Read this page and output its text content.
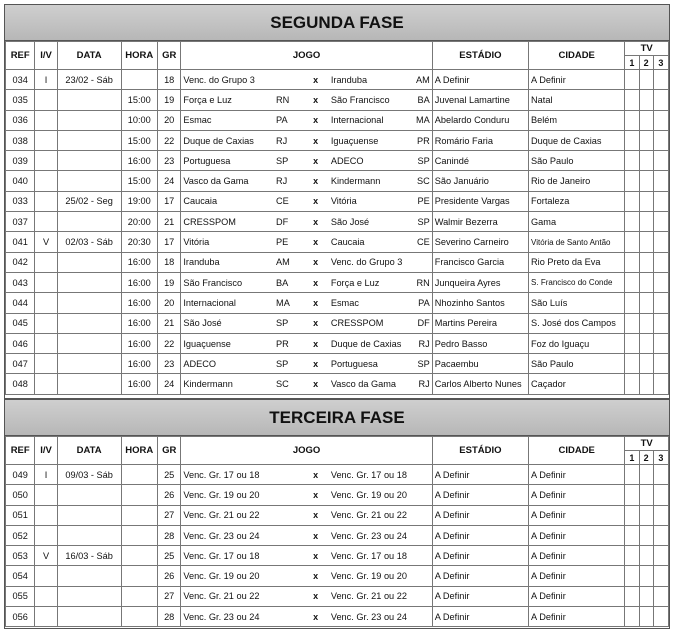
SEGUNDA FASE
REF	I/V	DATA	HORA	GR	JOGO					ESTÁDIO	CIDADE	TV		
												1	2	3
034	I	23/02 - Sáb		18	Venc. do Grupo 3		x	Iranduba	AM	A Definir	A Definir			
035			15:00	19	Força e Luz	RN	x	São Francisco	BA	Juvenal Lamartine	Natal			
036			10:00	20	Esmac	PA	x	Internacional	MA	Abelardo Conduru	Belém			
038			15:00	22	Duque de Caxias	RJ	x	Iguaçuense	PR	Romário Faria	Duque de Caxias			
039			16:00	23	Portuguesa	SP	x	ADECO	SP	Canindé	São Paulo			
040			15:00	24	Vasco da Gama	RJ	x	Kindermann	SC	São Januário	Rio de Janeiro			
033		25/02 - Seg	19:00	17	Caucaia	CE	x	Vitória	PE	Presidente Vargas	Fortaleza			
037			20:00	21	CRESSPOM	DF	x	São José	SP	Walmir Bezerra	Gama			
041	V	02/03 - Sáb	20:30	17	Vitória	PE	x	Caucaia	CE	Severino Carneiro	Vitória de Santo Antão			
042			16:00	18	Iranduba	AM	x	Venc. do Grupo 3		Francisco Garcia	Rio Preto da Eva			
043			16:00	19	São Francisco	BA	x	Força e Luz	RN	Junqueira Ayres	S. Francisco do Conde			
044			16:00	20	Internacional	MA	x	Esmac	PA	Nhozinho Santos	São Luís			
045			16:00	21	São José	SP	x	CRESSPOM	DF	Martins Pereira	S. José dos Campos			
046			16:00	22	Iguaçuense	PR	x	Duque de Caxias	RJ	Pedro Basso	Foz do Iguaçu			
047			16:00	23	ADECO	SP	x	Portuguesa	SP	Pacaembu	São Paulo			
048			16:00	24	Kindermann	SC	x	Vasco da Gama	RJ	Carlos Alberto Nunes	Caçador			
TERCEIRA FASE
REF	I/V	DATA	HORA	GR	JOGO					ESTÁDIO	CIDADE	TV		
												1	2	3
049	I	09/03 - Sáb		25	Venc. Gr. 17 ou 18		x	Venc. Gr. 17 ou 18		A Definir	A Definir			
050				26	Venc. Gr. 19 ou 20		x	Venc. Gr. 19 ou 20		A Definir	A Definir			
051				27	Venc. Gr. 21 ou 22		x	Venc. Gr. 21 ou 22		A Definir	A Definir			
052				28	Venc. Gr. 23 ou 24		x	Venc. Gr. 23 ou 24		A Definir	A Definir			
053	V	16/03 - Sáb		25	Venc. Gr. 17 ou 18		x	Venc. Gr. 17 ou 18		A Definir	A Definir			
054				26	Venc. Gr. 19 ou 20		x	Venc. Gr. 19 ou 20		A Definir	A Definir			
055				27	Venc. Gr. 21 ou 22		x	Venc. Gr. 21 ou 22		A Definir	A Definir			
056				28	Venc. Gr. 23 ou 24		x	Venc. Gr. 23 ou 24		A Definir	A Definir			
